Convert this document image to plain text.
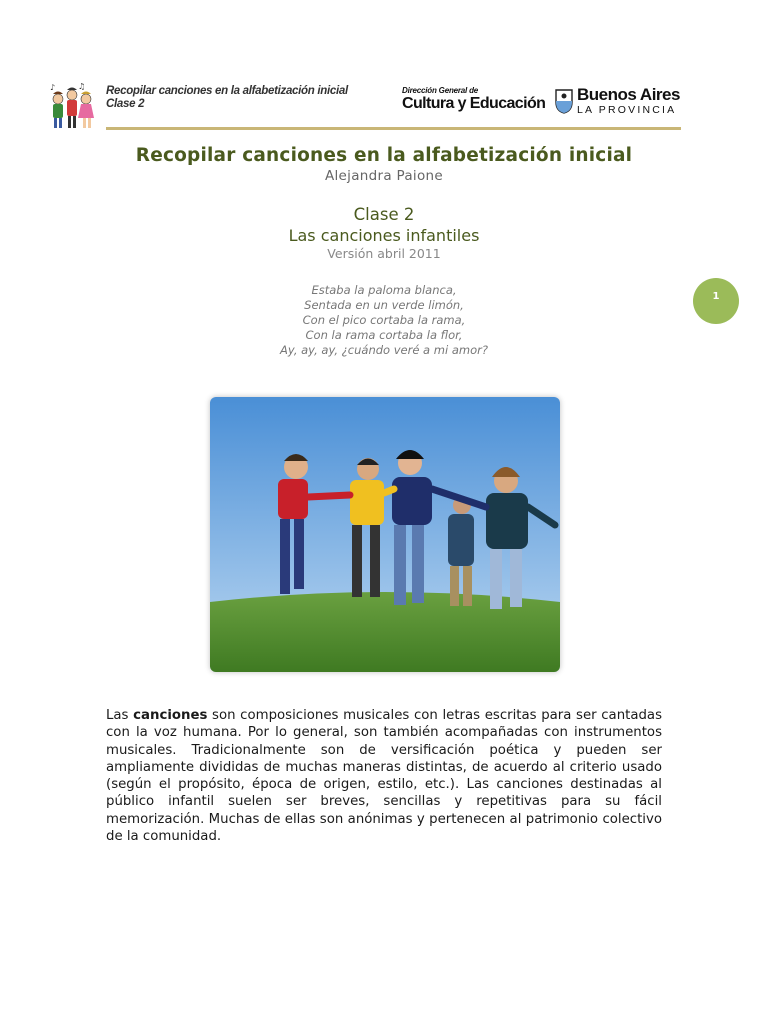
♪	♫ Recopilar canciones en la alfabetización inicial
Clase 2
Dirección General de
Cultura y Educación Buenos Aires
LA PROVINCIA
Recopilar canciones en la alfabetización inicial
Alejandra Paione
Clase 2
Las canciones infantiles
Versión abril 2011
Estaba la paloma blanca,
Sentada en un verde limón,
Con el pico cortaba la rama,
Con la rama cortaba la flor,
Ay, ay, ay, ¿cuándo veré a mi amor?
1
Las canciones son composiciones musicales con letras escritas para ser cantadas con la voz humana. Por lo general, son también acompañadas con instrumentos musicales. Tradicionalmente son de versificación poética y pueden ser ampliamente divididas de muchas maneras distintas, de acuerdo al criterio usado (según el propósito, época de origen, estilo, etc.). Las canciones destinadas al público infantil suelen ser breves, sencillas y repetitivas para su fácil memorización. Muchas de ellas son anónimas y pertenecen al patrimonio colectivo de la comunidad.
